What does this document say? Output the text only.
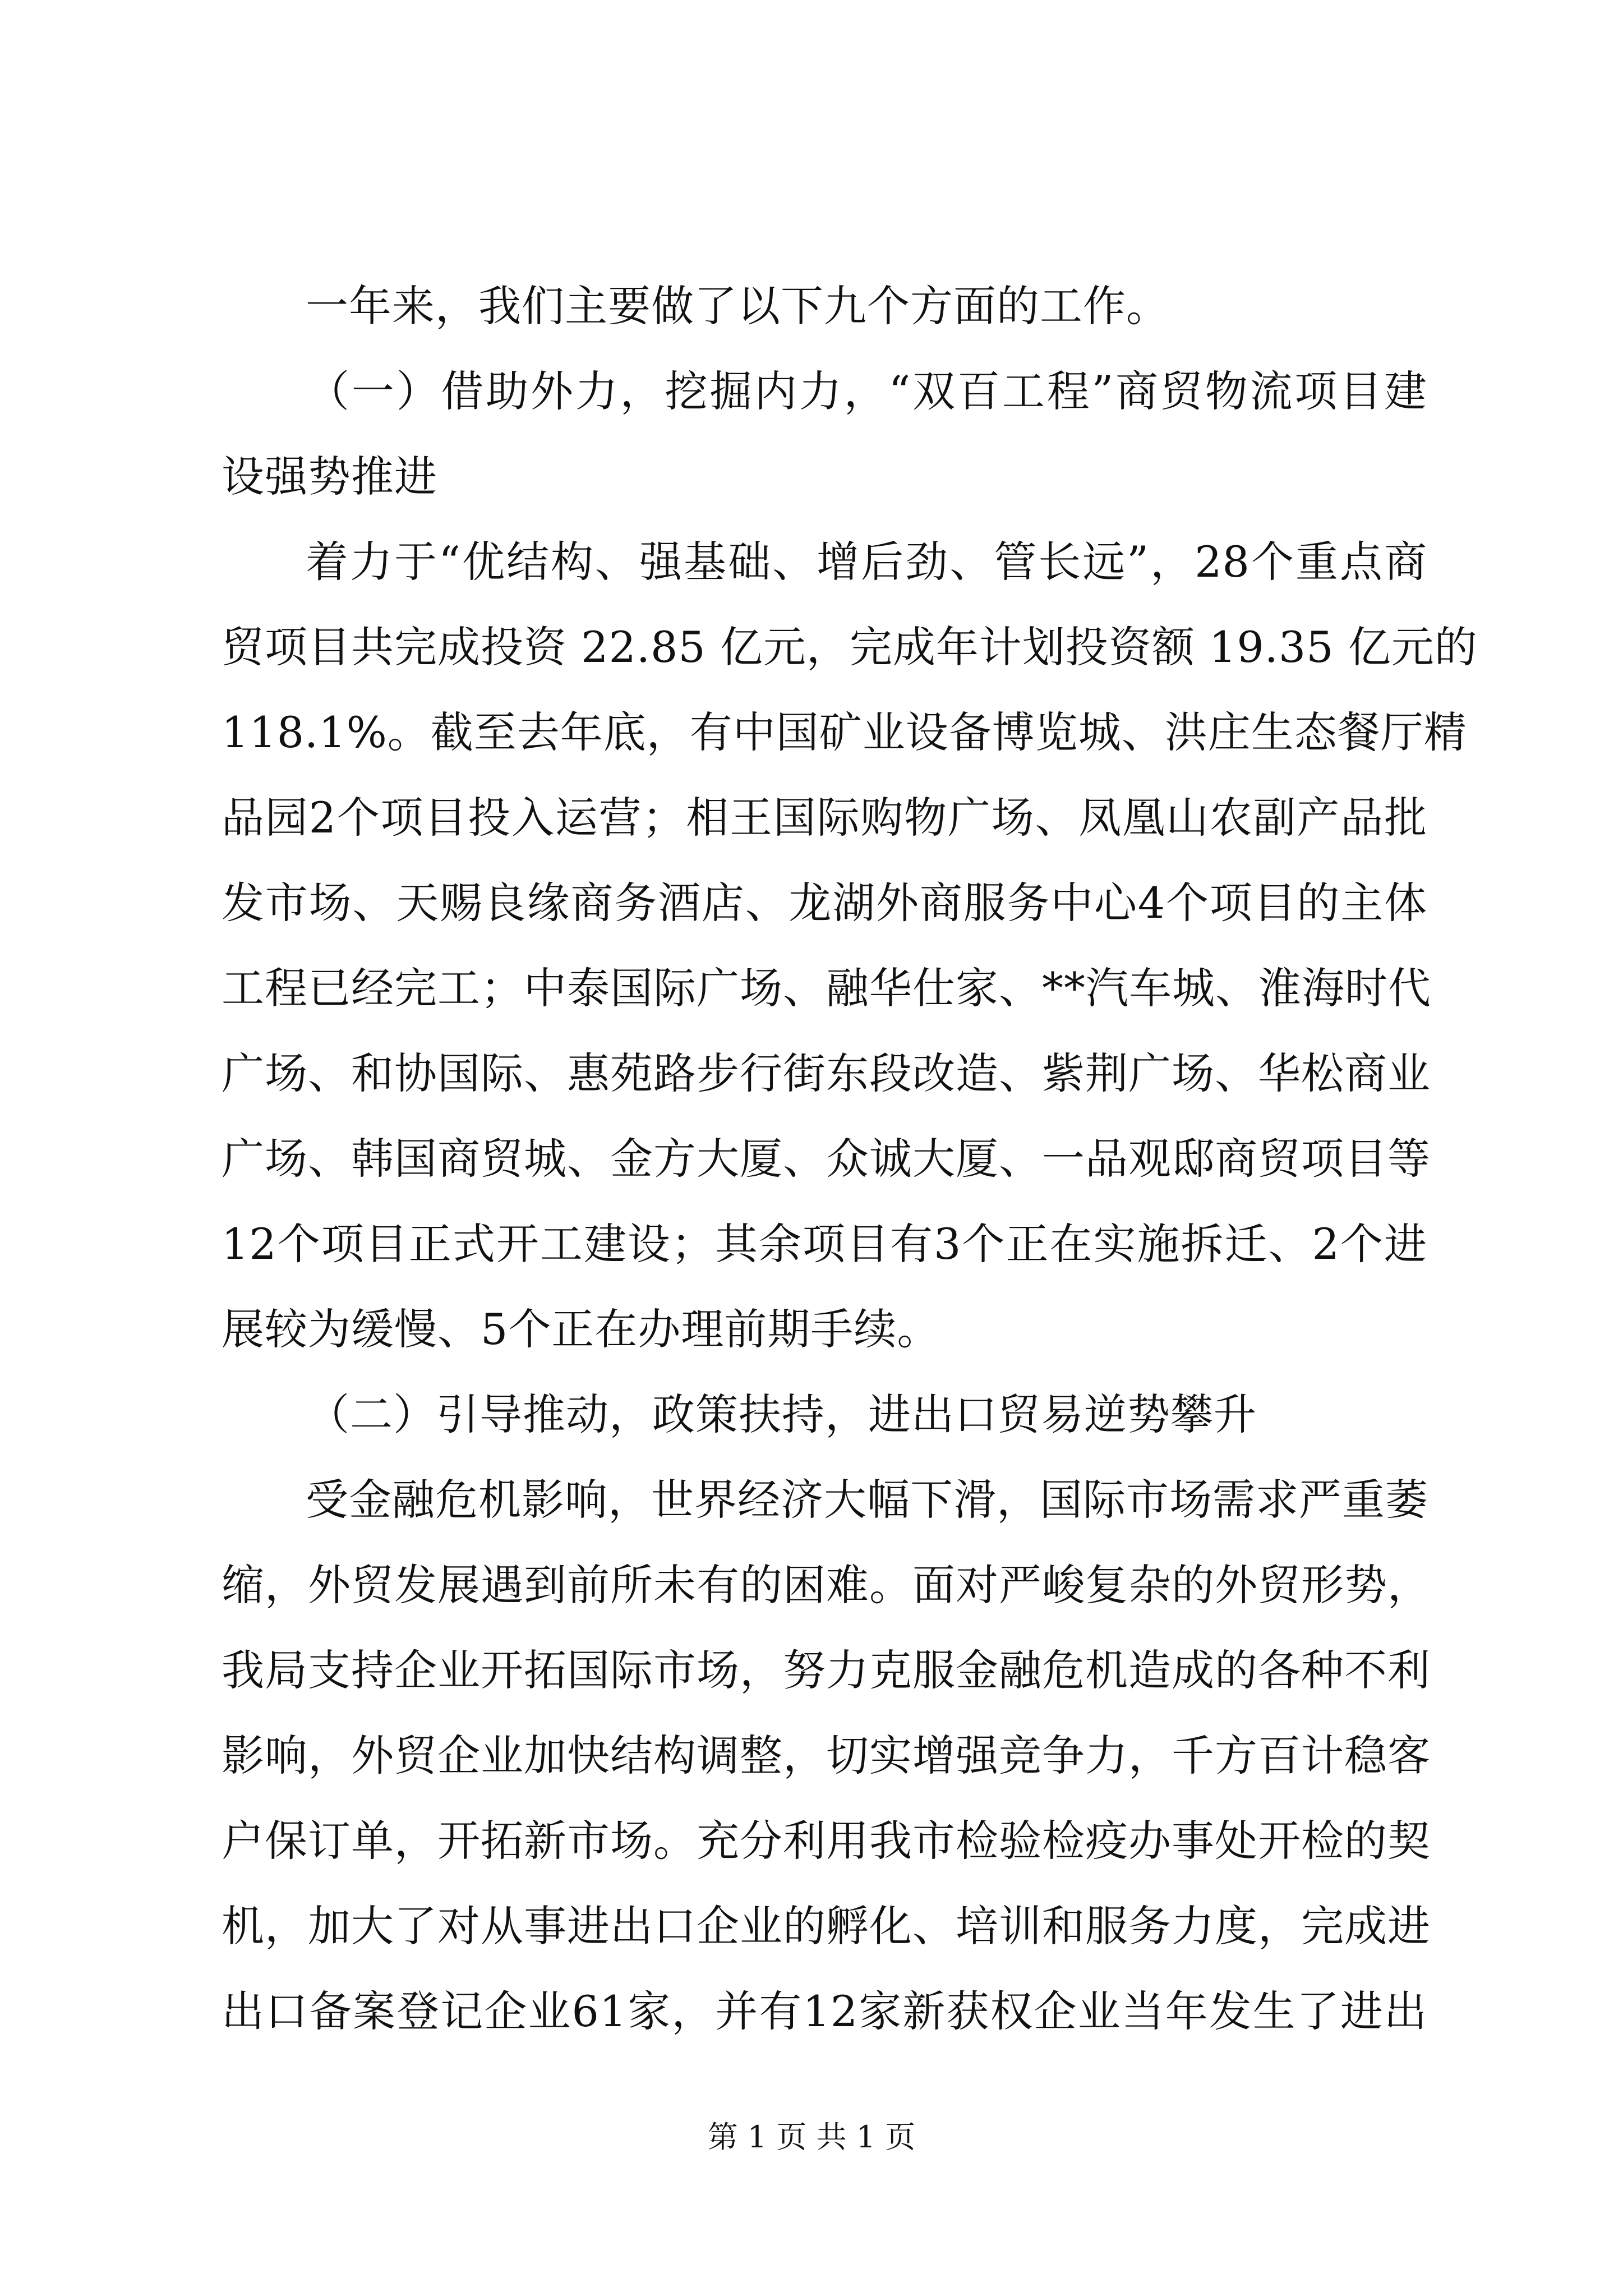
一年来，我们主要做了以下九个方面的工作。
（一）借助外力，挖掘内力，“双百工程”商贸物流项目建
设强势推进
着力于“优结构、强基础、增后劲、管长远”，28个重点商
贸项目共完成投资 22.85 亿元，完成年计划投资额 19.35 亿元的
118.1%。截至去年底，有中国矿业设备博览城、洪庄生态餐厅精
品园2个项目投入运营；相王国际购物广场、凤凰山农副产品批
发市场、天赐良缘商务酒店、龙湖外商服务中心4个项目的主体
工程已经完工；中泰国际广场、融华仕家、**汽车城、淮海时代
广场、和协国际、惠苑路步行街东段改造、紫荆广场、华松商业
广场、韩国商贸城、金方大厦、众诚大厦、一品观邸商贸项目等
12个项目正式开工建设；其余项目有3个正在实施拆迁、2个进
展较为缓慢、5个正在办理前期手续。
（二）引导推动，政策扶持，进出口贸易逆势攀升
受金融危机影响，世界经济大幅下滑，国际市场需求严重萎
缩，外贸发展遇到前所未有的困难。面对严峻复杂的外贸形势，
我局支持企业开拓国际市场，努力克服金融危机造成的各种不利
影响，外贸企业加快结构调整，切实增强竞争力，千方百计稳客
户保订单，开拓新市场。充分利用我市检验检疫办事处开检的契
机，加大了对从事进出口企业的孵化、培训和服务力度，完成进
出口备案登记企业61家，并有12家新获权企业当年发生了进出
第 1 页 共 1 页
